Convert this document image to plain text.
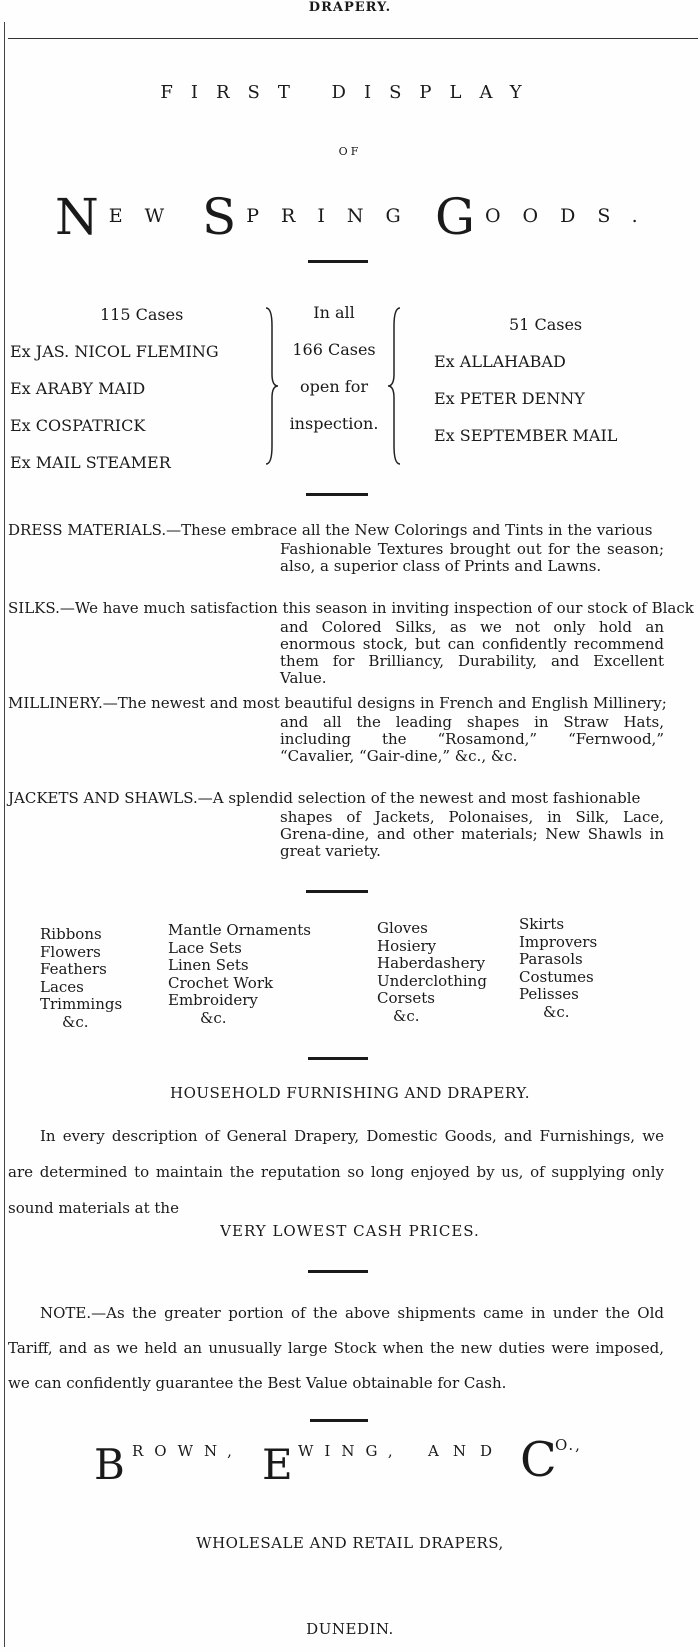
DRAPERY.
FIRST DISPLAY
OF
NEW SPRING GOODS.
115 Cases
Ex JAS. NICOL FLEMING
Ex ARABY MAID
Ex COSPATRICK
Ex MAIL STEAMER
In all
166 Cases
open for
inspection.
51 Cases
Ex ALLAHABAD
Ex PETER DENNY
Ex SEPTEMBER MAIL
DRESS MATERIALS.—These embrace all the New Colorings and Tints in the various
Fashionable Textures brought out for the season; also, a superior class of Prints and Lawns.
SILKS.—We have much satisfaction this season in inviting inspection of our stock of Black
and Colored Silks, as we not only hold an enormous stock, but can confidently recommend them for Brilliancy, Durability, and Excellent Value.
MILLINERY.—The newest and most beautiful designs in French and English Millinery;
and all the leading shapes in Straw Hats, including the “Rosamond,” “Fernwood,” “Cavalier, “Gair-dine,” &c., &c.
JACKETS AND SHAWLS.—A splendid selection of the newest and most fashionable
shapes of Jackets, Polonaises, in Silk, Lace, Grena-dine, and other materials; New Shawls in great variety.
Ribbons
Flowers
Feathers
Laces
Trimmings
&c.
Mantle Ornaments
Lace Sets
Linen Sets
Crochet Work
Embroidery
&c.
Gloves
Hosiery
Haberdashery
Underclothing
Corsets
&c.
Skirts
Improvers
Parasols
Costumes
Pelisses
&c.
HOUSEHOLD FURNISHING AND DRAPERY.
In every description of General Drapery, Domestic Goods, and Furnishings, we are determined to maintain the reputation so long enjoyed by us, of supplying only sound materials at the
VERY LOWEST CASH PRICES.
NOTE.—As the greater portion of the above shipments came in under the Old Tariff, and as we held an unusually large Stock when the new duties were imposed, we can confidently guarantee the Best Value obtainable for Cash.
B ROWN, E WING, AND C
O.,
WHOLESALE AND RETAIL DRAPERS,
DUNEDIN.
